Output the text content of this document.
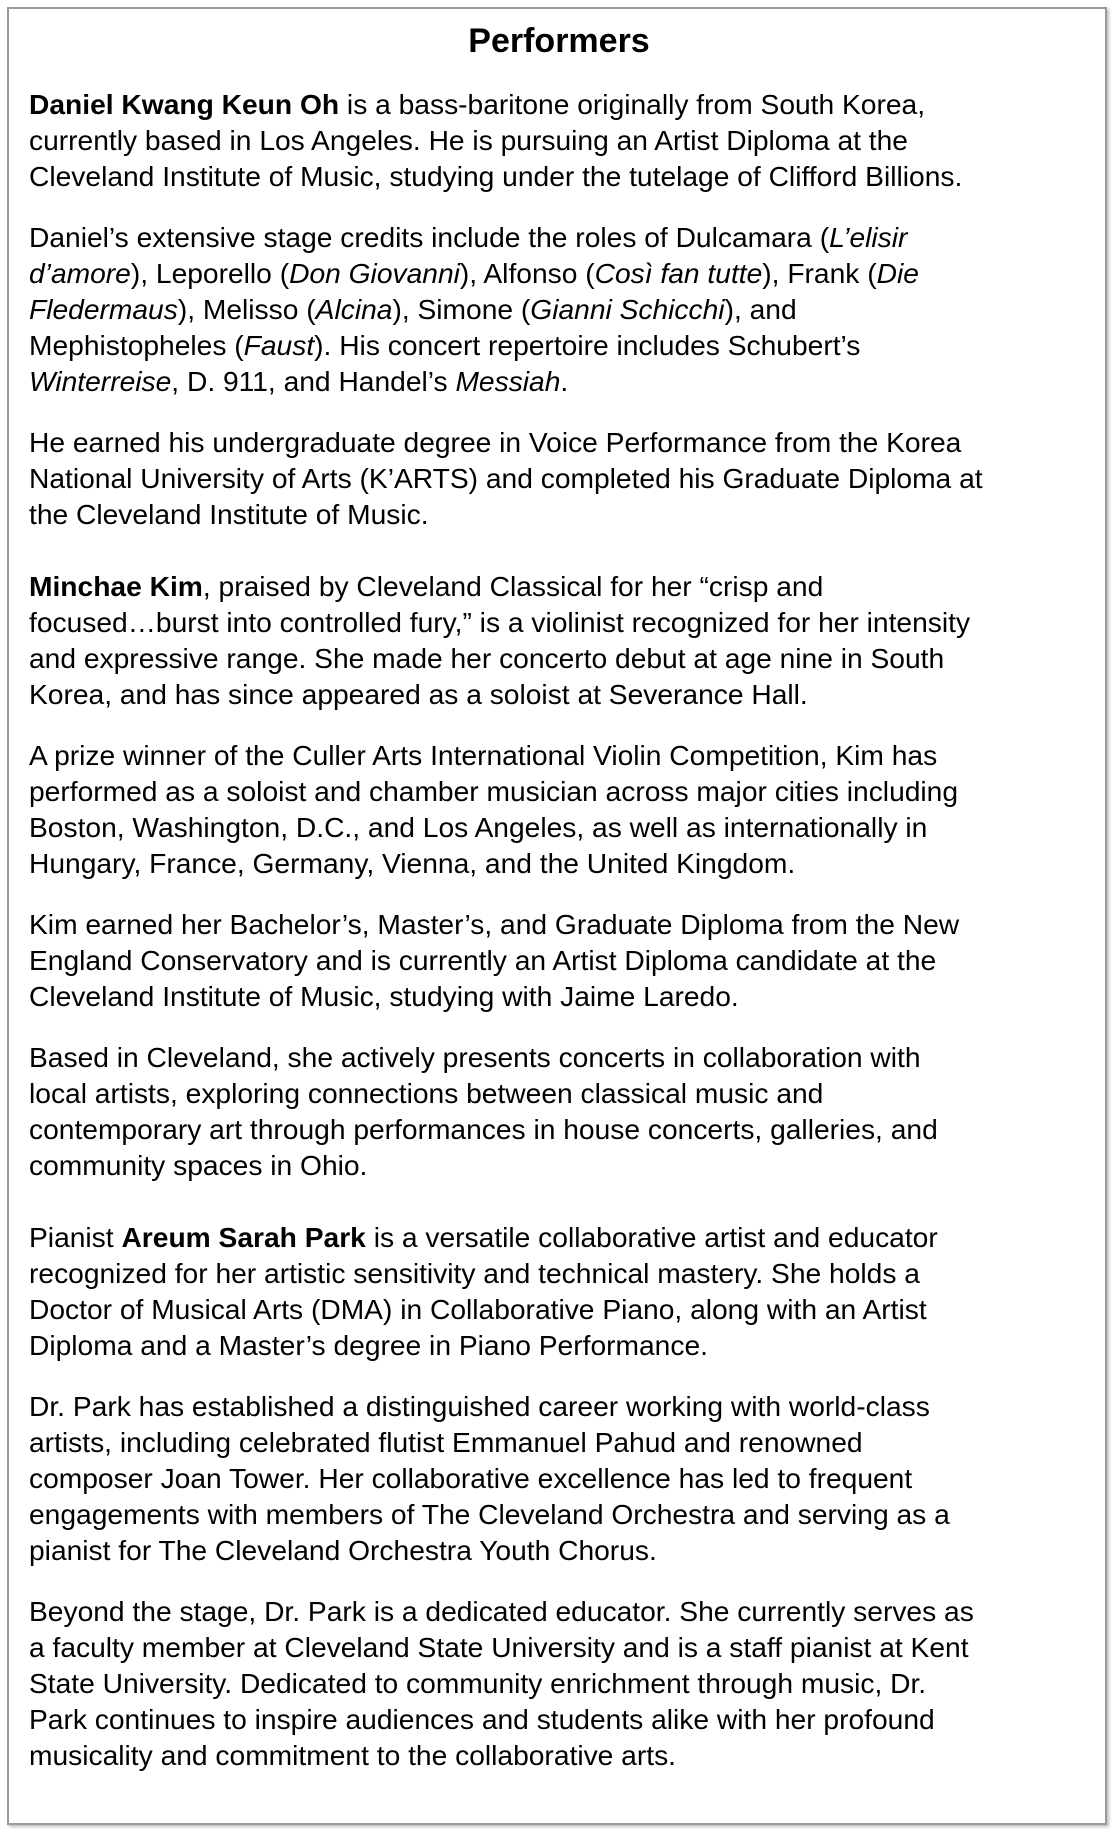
Performers

Daniel Kwang Keun Oh is a bass-baritone originally from South Korea,
currently based in Los Angeles. He is pursuing an Artist Diploma at the
Cleveland Institute of Music, studying under the tutelage of Clifford Billions.

Daniel’s extensive stage credits include the roles of Dulcamara (L’elisir
d’amore), Leporello (Don Giovanni), Alfonso (Così fan tutte), Frank (Die
Fledermaus), Melisso (Alcina), Simone (Gianni Schicchi), and
Mephistopheles (Faust). His concert repertoire includes Schubert’s
Winterreise, D. 911, and Handel’s Messiah.

He earned his undergraduate degree in Voice Performance from the Korea
National University of Arts (K’ARTS) and completed his Graduate Diploma at
the Cleveland Institute of Music.

Minchae Kim, praised by Cleveland Classical for her “crisp and
focused…burst into controlled fury,” is a violinist recognized for her intensity
and expressive range. She made her concerto debut at age nine in South
Korea, and has since appeared as a soloist at Severance Hall.

A prize winner of the Culler Arts International Violin Competition, Kim has
performed as a soloist and chamber musician across major cities including
Boston, Washington, D.C., and Los Angeles, as well as internationally in
Hungary, France, Germany, Vienna, and the United Kingdom.

Kim earned her Bachelor’s, Master’s, and Graduate Diploma from the New
England Conservatory and is currently an Artist Diploma candidate at the
Cleveland Institute of Music, studying with Jaime Laredo.

Based in Cleveland, she actively presents concerts in collaboration with
local artists, exploring connections between classical music and
contemporary art through performances in house concerts, galleries, and
community spaces in Ohio.

Pianist Areum Sarah Park is a versatile collaborative artist and educator
recognized for her artistic sensitivity and technical mastery. She holds a
Doctor of Musical Arts (DMA) in Collaborative Piano, along with an Artist
Diploma and a Master’s degree in Piano Performance.

Dr. Park has established a distinguished career working with world-class
artists, including celebrated flutist Emmanuel Pahud and renowned
composer Joan Tower. Her collaborative excellence has led to frequent
engagements with members of The Cleveland Orchestra and serving as a
pianist for The Cleveland Orchestra Youth Chorus.

Beyond the stage, Dr. Park is a dedicated educator. She currently serves as
a faculty member at Cleveland State University and is a staff pianist at Kent
State University. Dedicated to community enrichment through music, Dr.
Park continues to inspire audiences and students alike with her profound
musicality and commitment to the collaborative arts.
